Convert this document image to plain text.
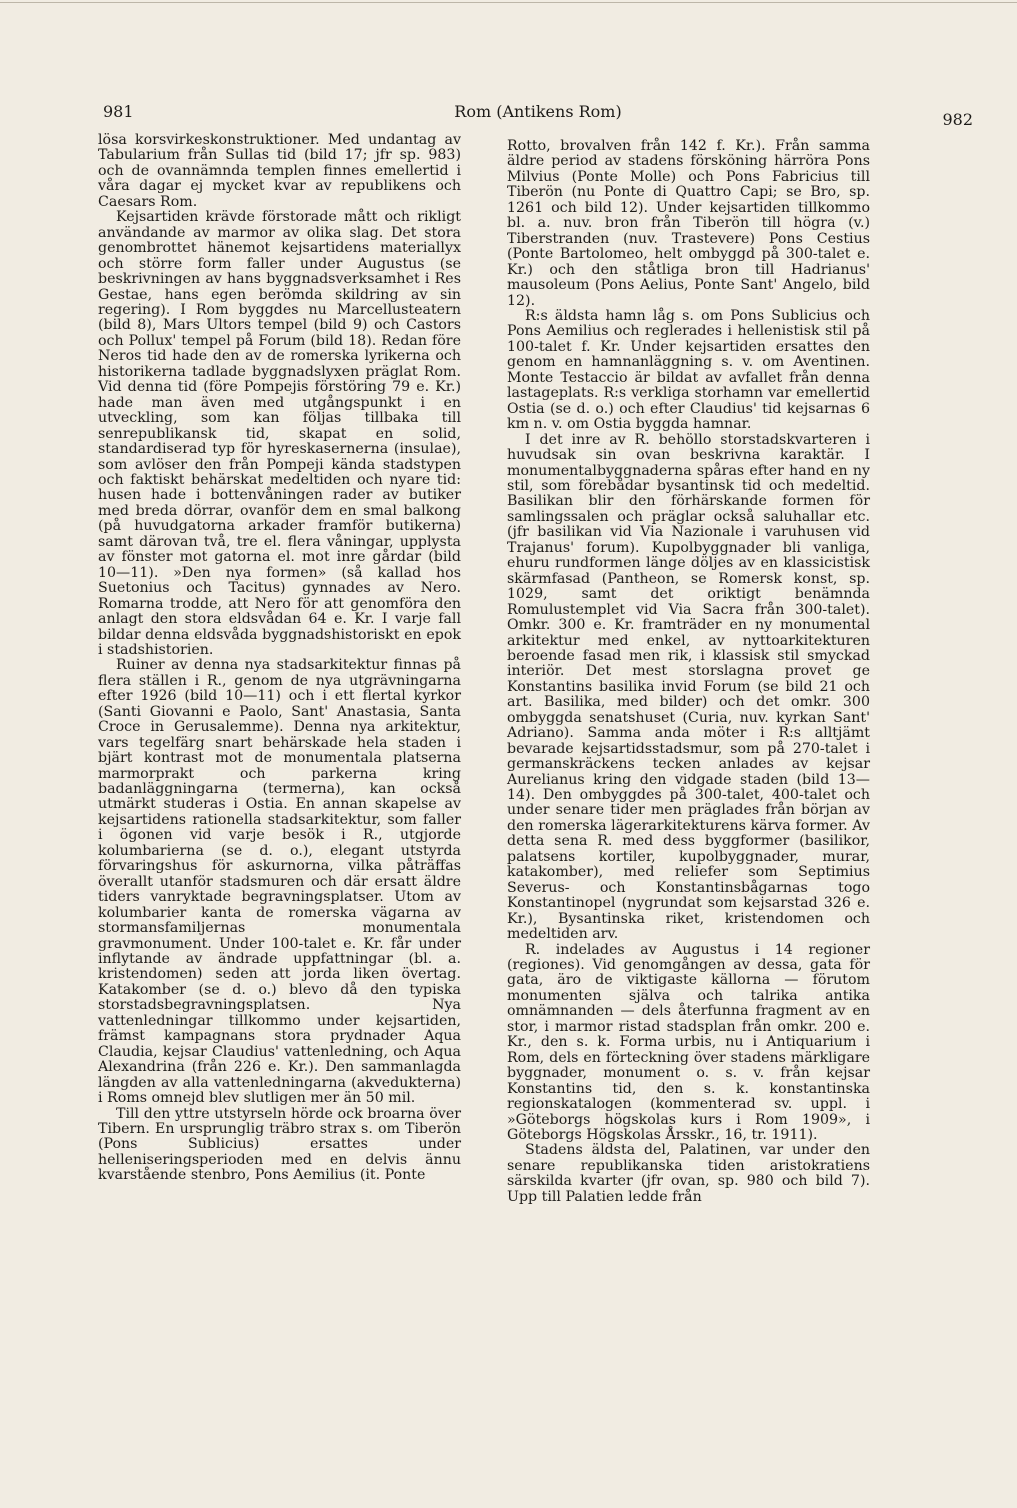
981	Rom (Antikens Rom)	982

lösa korsvirkeskonstruktioner. Med undantag av Tabularium från Sullas tid (bild 17; jfr sp. 983) och de ovannämnda templen finnes emellertid i våra dagar ej mycket kvar av republikens och Caesars Rom.

Kejsartiden krävde förstorade mått och rikligt användande av marmor av olika slag. Det stora genombrottet hänemot kejsartidens materiallyx och större form faller under Augustus (se beskrivningen av hans byggnadsverksamhet i Res Gestae, hans egen berömda skildring av sin regering). I Rom byggdes nu Marcellusteatern (bild 8), Mars Ultors tempel (bild 9) och Castors och Pollux' tempel på Forum (bild 18). Redan före Neros tid hade den av de romerska lyrikerna och historikerna tadlade byggnadslyxen präglat Rom. Vid denna tid (före Pompejis förstöring 79 e. Kr.) hade man även med utgångspunkt i en utveckling, som kan följas tillbaka till senrepublikansk tid, skapat en solid, standardiserad typ för hyreskasernerna (insulae), som avlöser den från Pompeji kända stadstypen och faktiskt behärskat medeltiden och nyare tid: husen hade i bottenvåningen rader av butiker med breda dörrar, ovanför dem en smal balkong (på huvudgatorna arkader framför butikerna) samt därovan två, tre el. flera våningar, upplysta av fönster mot gatorna el. mot inre gårdar (bild 10—11). »Den nya formen» (så kallad hos Suetonius och Tacitus) gynnades av Nero. Romarna trodde, att Nero för att genomföra den anlagt den stora eldsvådan 64 e. Kr. I varje fall bildar denna eldsvåda byggnadshistoriskt en epok i stadshistorien.

Ruiner av denna nya stadsarkitektur finnas på flera ställen i R., genom de nya utgrävningarna efter 1926 (bild 10—11) och i ett flertal kyrkor (Santi Giovanni e Paolo, Sant' Anastasia, Santa Croce in Gerusalemme). Denna nya arkitektur, vars tegelfärg snart behärskade hela staden i bjärt kontrast mot de monumentala platserna marmorprakt och parkerna kring badanläggningarna (termerna), kan också utmärkt studeras i Ostia. En annan skapelse av kejsartidens rationella stadsarkitektur, som faller i ögonen vid varje besök i R., utgjorde kolumbarierna (se d. o.), elegant utstyrda förvaringshus för askurnorna, vilka påträffas överallt utanför stadsmuren och där ersatt äldre tiders vanryktade begravningsplatser. Utom av kolumbarier kanta de romerska vägarna av stormansfamiljernas monumentala gravmonument. Under 100-talet e. Kr. får under inflytande av ändrade uppfattningar (bl. a. kristendomen) seden att jorda liken övertag. Katakomber (se d. o.) blevo då den typiska storstadsbegravningsplatsen. Nya vattenledningar tillkommo under kejsartiden, främst kampagnans stora prydnader Aqua Claudia, kejsar Claudius' vattenledning, och Aqua Alexandrina (från 226 e. Kr.). Den sammanlagda längden av alla vattenledningarna (akvedukterna) i Roms omnejd blev slutligen mer än 50 mil.

Till den yttre utstyrseln hörde ock broarna över Tibern. En ursprunglig träbro strax s. om Tiberön (Pons Sublicius) ersattes under helleniseringsperioden med en delvis ännu kvarstående stenbro, Pons Aemilius (it. Ponte

Rotto, brovalven från 142 f. Kr.). Från samma äldre period av stadens försköning härröra Pons Milvius (Ponte Molle) och Pons Fabricius till Tiberön (nu Ponte di Quattro Capi; se Bro, sp. 1261 och bild 12). Under kejsartiden tillkommo bl. a. nuv. bron från Tiberön till högra (v.) Tiberstranden (nuv. Trastevere) Pons Cestius (Ponte Bartolomeo, helt ombyggd på 300-talet e. Kr.) och den ståtliga bron till Hadrianus' mausoleum (Pons Aelius, Ponte Sant' Angelo, bild 12).

R:s äldsta hamn låg s. om Pons Sublicius och Pons Aemilius och reglerades i hellenistisk stil på 100-talet f. Kr. Under kejsartiden ersattes den genom en hamnanläggning s. v. om Aventinen. Monte Testaccio är bildat av avfallet från denna lastageplats. R:s verkliga storhamn var emellertid Ostia (se d. o.) och efter Claudius' tid kejsarnas 6 km n. v. om Ostia byggda hamnar.

I det inre av R. behöllo storstadskvarteren i huvudsak sin ovan beskrivna karaktär. I monumentalbyggnaderna spåras efter hand en ny stil, som förebådar bysantinsk tid och medeltid. Basilikan blir den förhärskande formen för samlingssalen och präglar också saluhallar etc. (jfr basilikan vid Via Nazionale i varuhusen vid Trajanus' forum). Kupolbyggnader bli vanliga, ehuru rundformen länge döljes av en klassicistisk skärmfasad (Pantheon, se Romersk konst, sp. 1029, samt det oriktigt benämnda Romulustemplet vid Via Sacra från 300-talet). Omkr. 300 e. Kr. framträder en ny monumental arkitektur med enkel, av nyttoarkitekturen beroende fasad men rik, i klassisk stil smyckad interiör. Det mest storslagna provet ge Konstantins basilika invid Forum (se bild 21 och art. Basilika, med bilder) och det omkr. 300 ombyggda senatshuset (Curia, nuv. kyrkan Sant' Adriano). Samma anda möter i R:s alltjämt bevarade kejsartidsstadsmur, som på 270-talet i germanskräckens tecken anlades av kejsar Aurelianus kring den vidgade staden (bild 13—14). Den ombyggdes på 300-talet, 400-talet och under senare tider men präglades från början av den romerska lägerarkitekturens kärva former. Av detta sena R. med dess byggformer (basilikor, palatsens kortiler, kupolbyggnader, murar, katakomber), med reliefer som Septimius Severus- och Konstantinsbågarnas togo Konstantinopel (nygrundat som kejsarstad 326 e. Kr.), Bysantinska riket, kristendomen och medeltiden arv.

R. indelades av Augustus i 14 regioner (regiones). Vid genomgången av dessa, gata för gata, äro de viktigaste källorna — förutom monumenten själva och talrika antika omnämnanden — dels återfunna fragment av en stor, i marmor ristad stadsplan från omkr. 200 e. Kr., den s. k. Forma urbis, nu i Antiquarium i Rom, dels en förteckning över stadens märkligare byggnader, monument o. s. v. från kejsar Konstantins tid, den s. k. konstantinska regionskatalogen (kommenterad sv. uppl. i »Göteborgs högskolas kurs i Rom 1909», i Göteborgs Högskolas Årsskr., 16, tr. 1911).

Stadens äldsta del, Palatinen, var under den senare republikanska tiden aristokratiens särskilda kvarter (jfr ovan, sp. 980 och bild 7). Upp till Palatien ledde från
